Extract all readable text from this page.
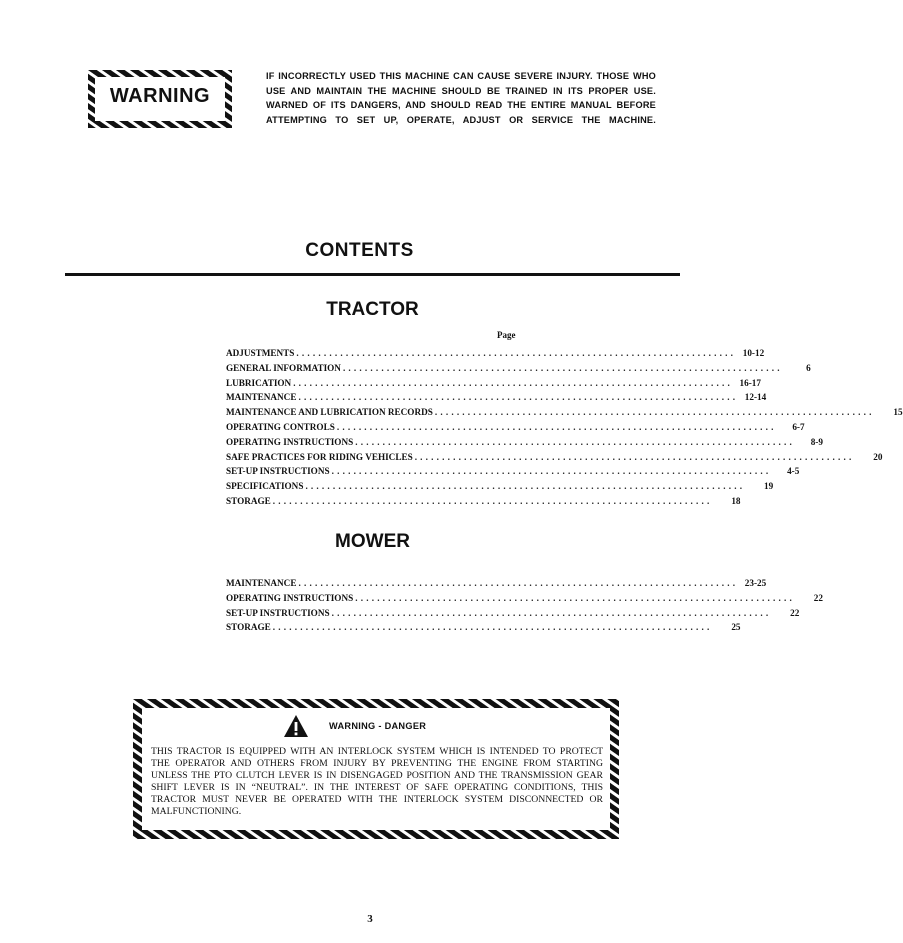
WARNING
IF INCORRECTLY USED THIS MACHINE CAN CAUSE SEVERE INJURY. THOSE WHO
USE AND MAINTAIN THE MACHINE SHOULD BE TRAINED IN ITS PROPER USE.
WARNED OF ITS DANGERS, AND SHOULD READ THE ENTIRE MANUAL BEFORE
ATTEMPTING TO SET UP, OPERATE, ADJUST OR SERVICE THE MACHINE.
CONTENTS
TRACTOR
Page
ADJUSTMENTS ................................................................................ 10-12
GENERAL INFORMATION ................................................................................	6
LUBRICATION ................................................................................ 16-17
MAINTENANCE ................................................................................ 12-14
MAINTENANCE AND LUBRICATION RECORDS ................................................................................	15
OPERATING CONTROLS ................................................................................	6-7
OPERATING INSTRUCTIONS ................................................................................	8-9
SAFE PRACTICES FOR RIDING VEHICLES ................................................................................	20
SET-UP INSTRUCTIONS ................................................................................	4-5
SPECIFICATIONS ................................................................................	19
STORAGE ................................................................................	18
MOWER
MAINTENANCE ................................................................................ 23-25
OPERATING INSTRUCTIONS ................................................................................	22
SET-UP INSTRUCTIONS ................................................................................	22
STORAGE ................................................................................	25
WARNING - DANGER
THIS TRACTOR IS EQUIPPED WITH AN INTERLOCK SYSTEM WHICH IS INTENDED TO PROTECT
THE OPERATOR AND OTHERS FROM INJURY BY PREVENTING THE ENGINE FROM STARTING
UNLESS THE PTO CLUTCH LEVER IS IN DISENGAGED POSITION AND THE TRANSMISSION GEAR
SHIFT LEVER IS IN “NEUTRAL”. IN THE INTEREST OF SAFE OPERATING CONDITIONS, THIS
TRACTOR MUST NEVER BE OPERATED WITH THE INTERLOCK SYSTEM DISCONNECTED OR
MALFUNCTIONING.
3
